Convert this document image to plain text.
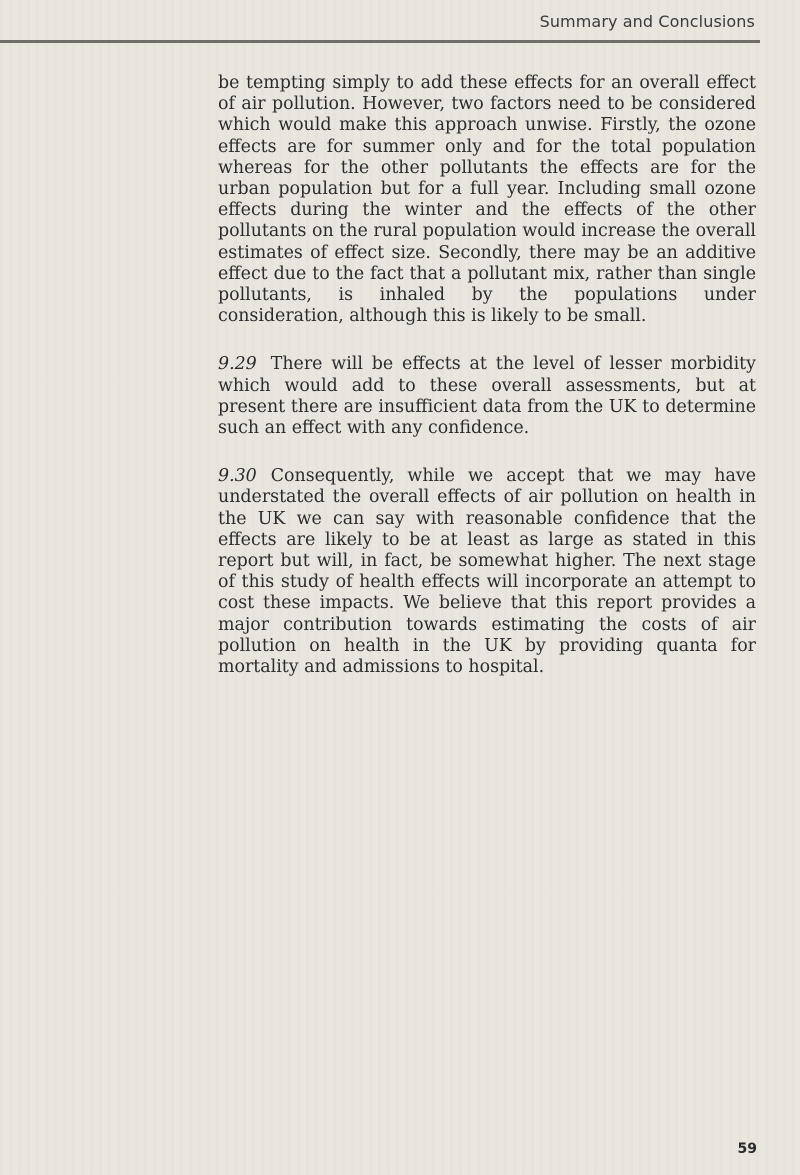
Summary and Conclusions

be tempting simply to add these effects for an overall effect of air pollution. However, two factors need to be considered which would make this approach unwise. Firstly, the ozone effects are for summer only and for the total population whereas for the other pollutants the effects are for the urban population but for a full year. Including small ozone effects during the winter and the effects of the other pollutants on the rural population would increase the overall estimates of effect size. Secondly, there may be an additive effect due to the fact that a pollutant mix, rather than single pollutants, is inhaled by the populations under consideration, although this is likely to be small.

9.29 There will be effects at the level of lesser morbidity which would add to these overall assessments, but at present there are insufficient data from the UK to determine such an effect with any confidence.

9.30 Consequently, while we accept that we may have understated the overall effects of air pollution on health in the UK we can say with reasonable confidence that the effects are likely to be at least as large as stated in this report but will, in fact, be somewhat higher. The next stage of this study of health effects will incorporate an attempt to cost these impacts. We believe that this report provides a major contribution towards estimating the costs of air pollution on health in the UK by providing quanta for mortality and admissions to hospital.

59
